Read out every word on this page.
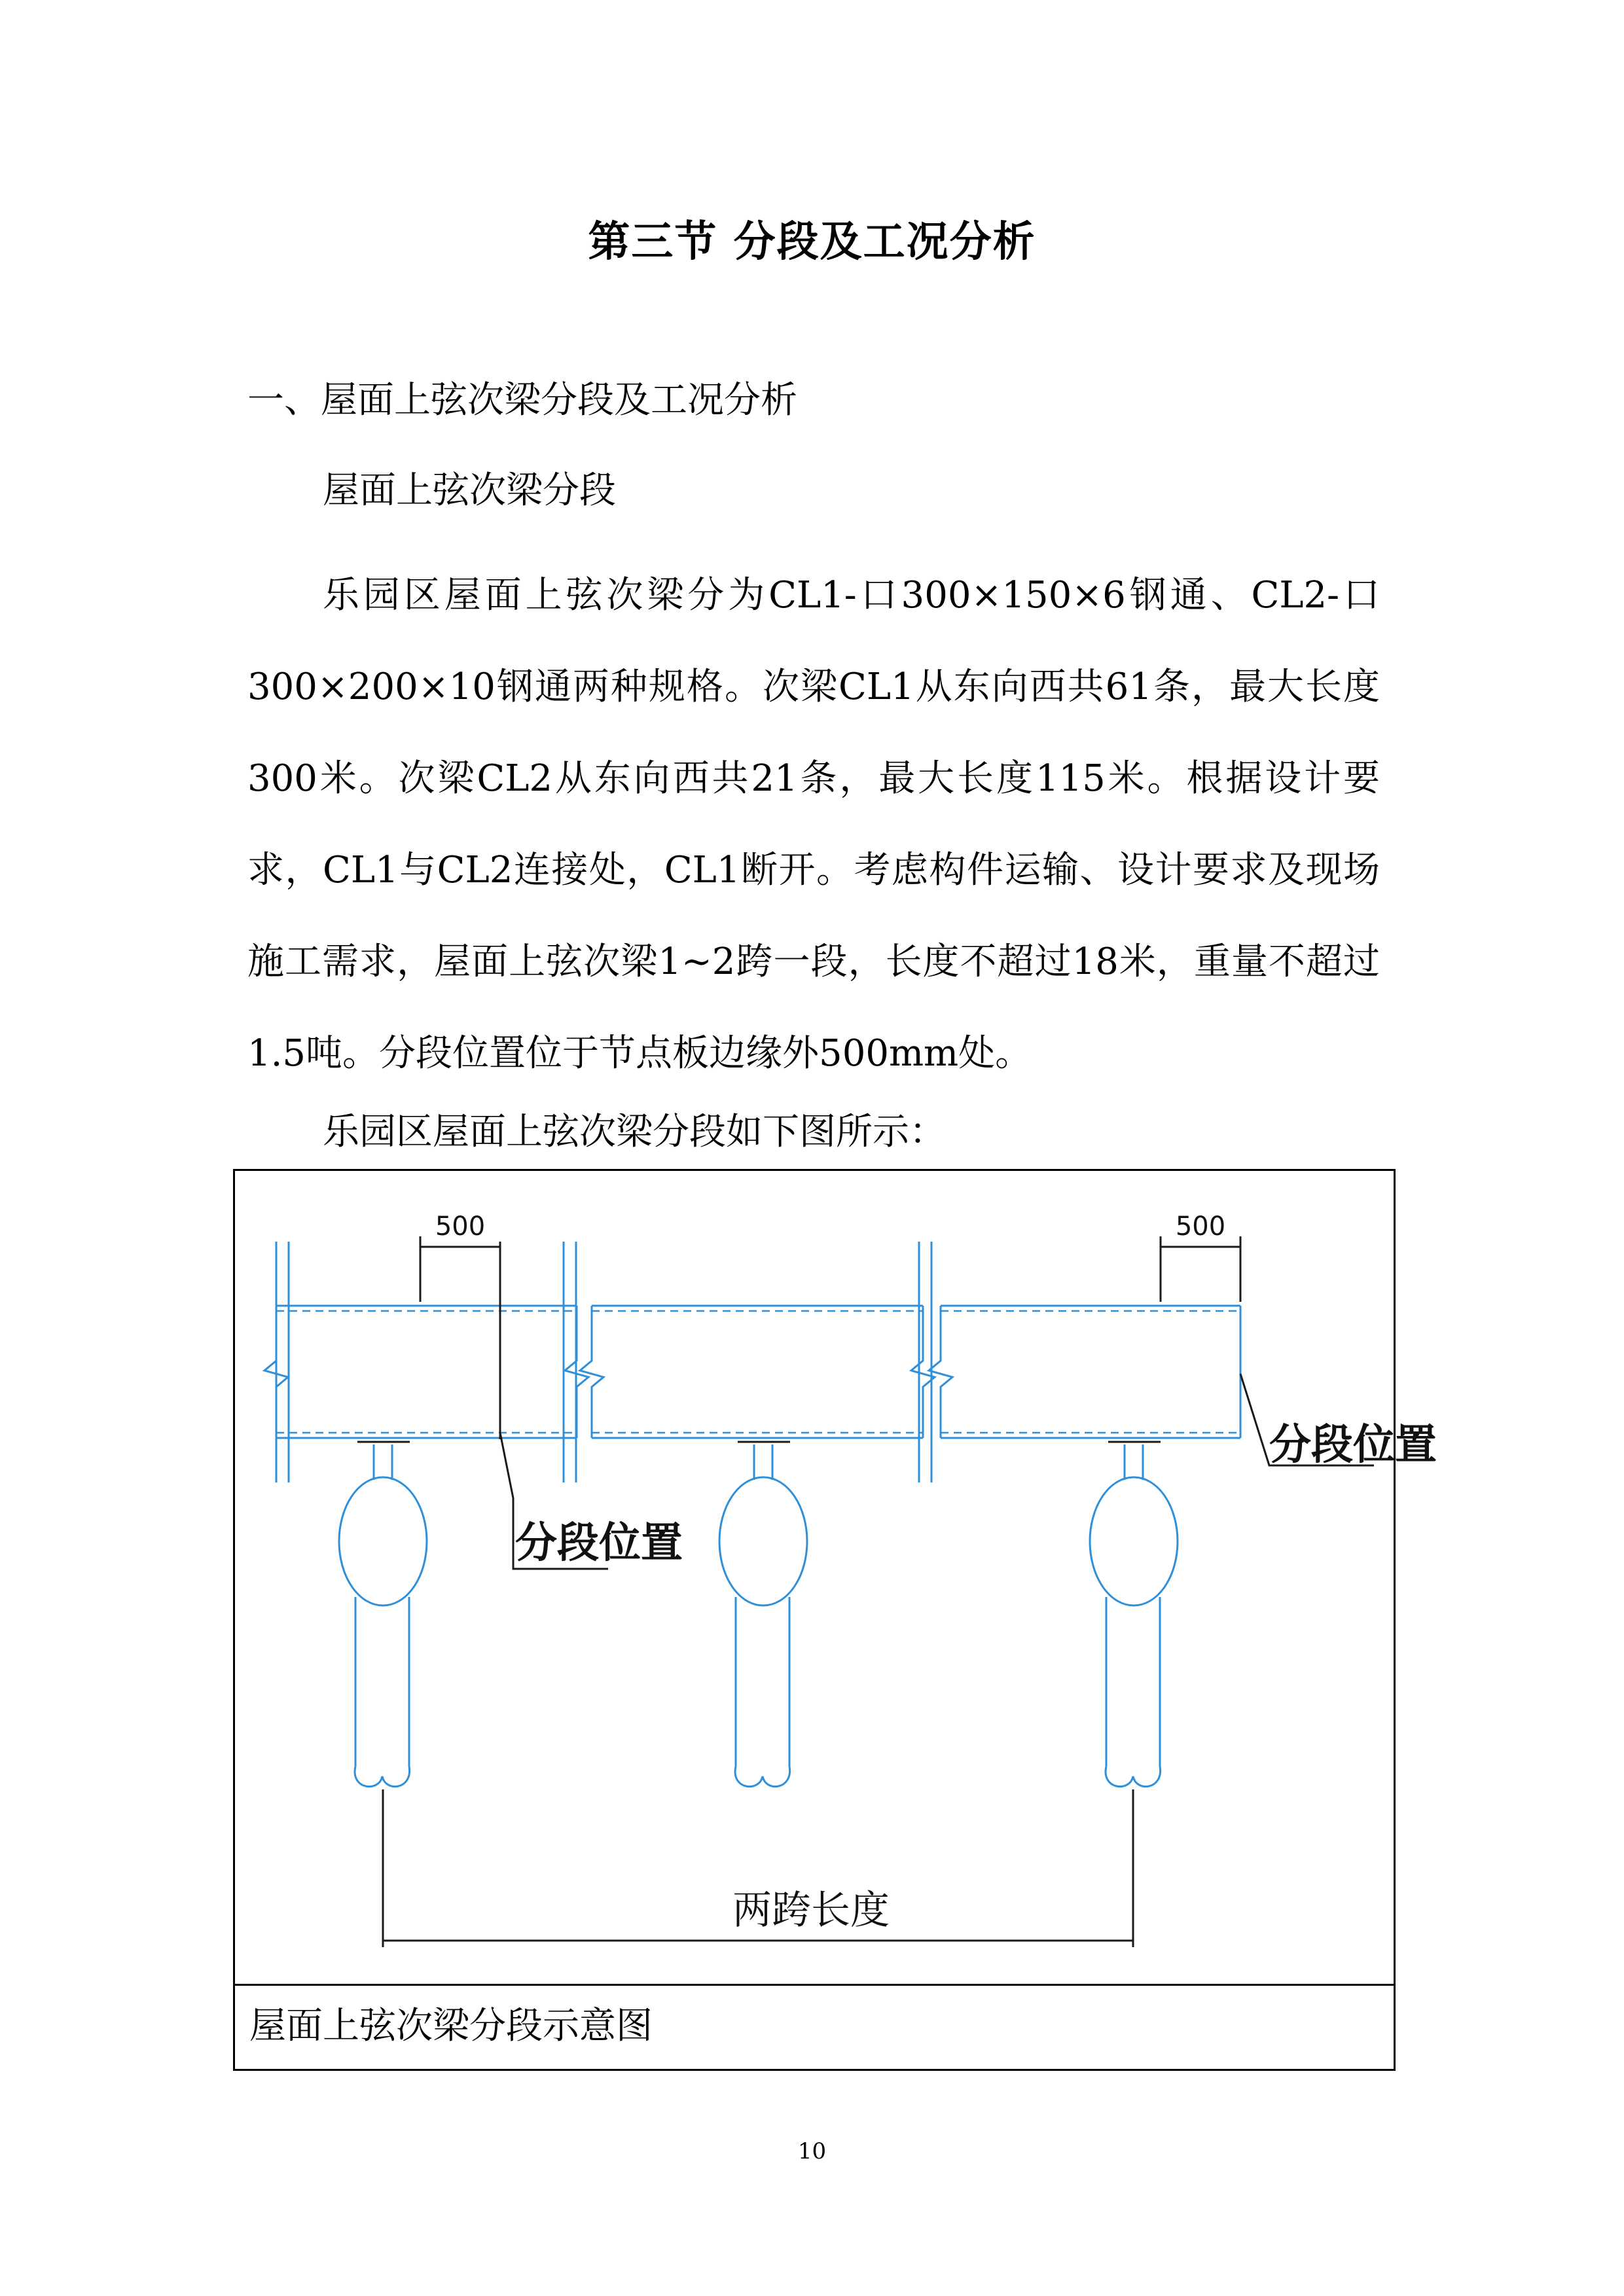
第三节 分段及工况分析
一、屋面上弦次梁分段及工况分析
屋面上弦次梁分段
乐园区屋面上弦次梁分为CL1-口300×150×6钢通、CL2-口300×200×10钢通两种规格。次梁CL1从东向西共61条，最大长度300米。次梁CL2从东向西共21条，最大长度115米。根据设计要求，CL1与CL2连接处，CL1断开。考虑构件运输、设计要求及现场施工需求，屋面上弦次梁1~2跨一段，长度不超过18米，重量不超过1.5吨。分段位置位于节点板边缘外500mm处。
乐园区屋面上弦次梁分段如下图所示：
500	500
分段位置
分段位置
两跨长度
屋面上弦次梁分段示意图
10
